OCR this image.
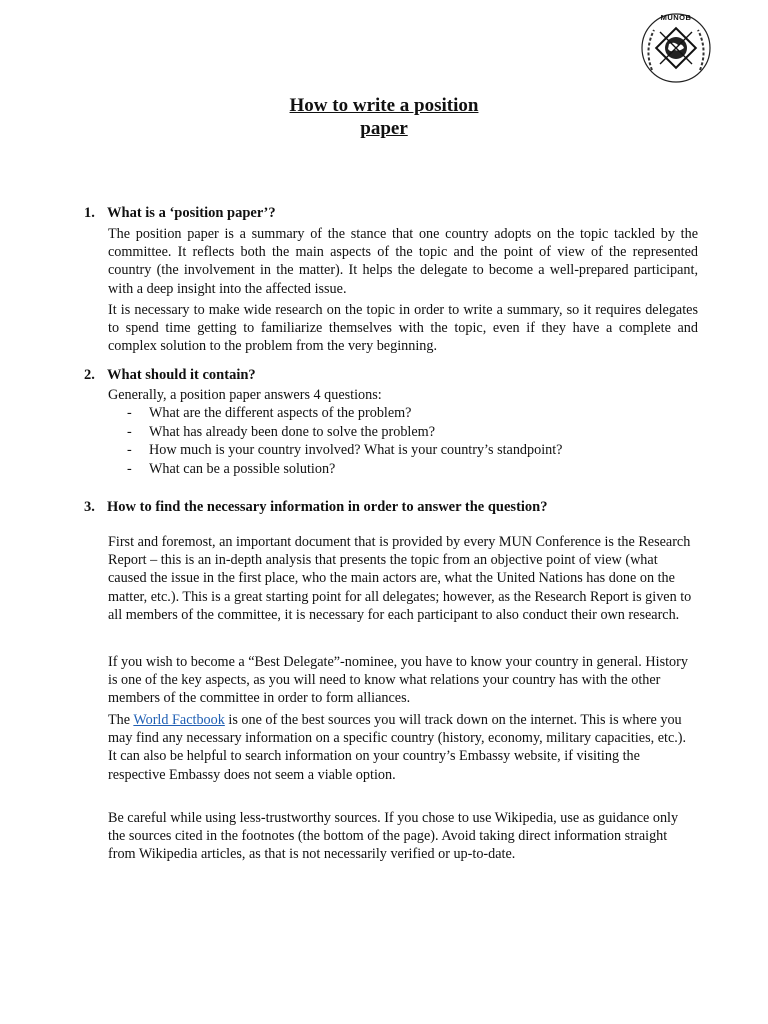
MUNOB
How to write a position
paper
1. What is a ‘position paper’?

The position paper is a summary of the stance that one country adopts on the topic tackled by the committee. It reflects both the main aspects of the topic and the point of view of the represented country (the involvement in the matter). It helps the delegate to become a well-prepared participant, with a deep insight into the affected issue.

It is necessary to make wide research on the topic in order to write a summary, so it requires delegates to spend time getting to familiarize themselves with the topic, even if they have a complete and complex solution to the problem from the very beginning.

2. What should it contain?

Generally, a position paper answers 4 questions:

- What are the different aspects of the problem?
- What has already been done to solve the problem?
- How much is your country involved? What is your country’s standpoint?
- What can be a possible solution?
3. How to find the necessary information in order to answer the question?

First and foremost, an important document that is provided by every MUN Conference is the Research Report – this is an in-depth analysis that presents the topic from an objective point of view (what caused the issue in the first place, who the main actors are, what the United Nations has done on the matter, etc.). This is a great starting point for all delegates; however, as the Research Report is given to all members of the committee, it is necessary for each participant to also conduct their own research.

If you wish to become a “Best Delegate”-nominee, you have to know your country in general. History is one of the key aspects, as you will need to know what relations your country has with the other members of the committee in order to form alliances.

The World Factbook is one of the best sources you will track down on the internet. This is where you may find any necessary information on a specific country (history, economy, military capacities, etc.). It can also be helpful to search information on your country’s Embassy website, if visiting the respective Embassy does not seem a viable option.

Be careful while using less-trustworthy sources. If you chose to use Wikipedia, use as guidance only the sources cited in the footnotes (the bottom of the page). Avoid taking direct information straight from Wikipedia articles, as that is not necessarily verified or up-to-date.
